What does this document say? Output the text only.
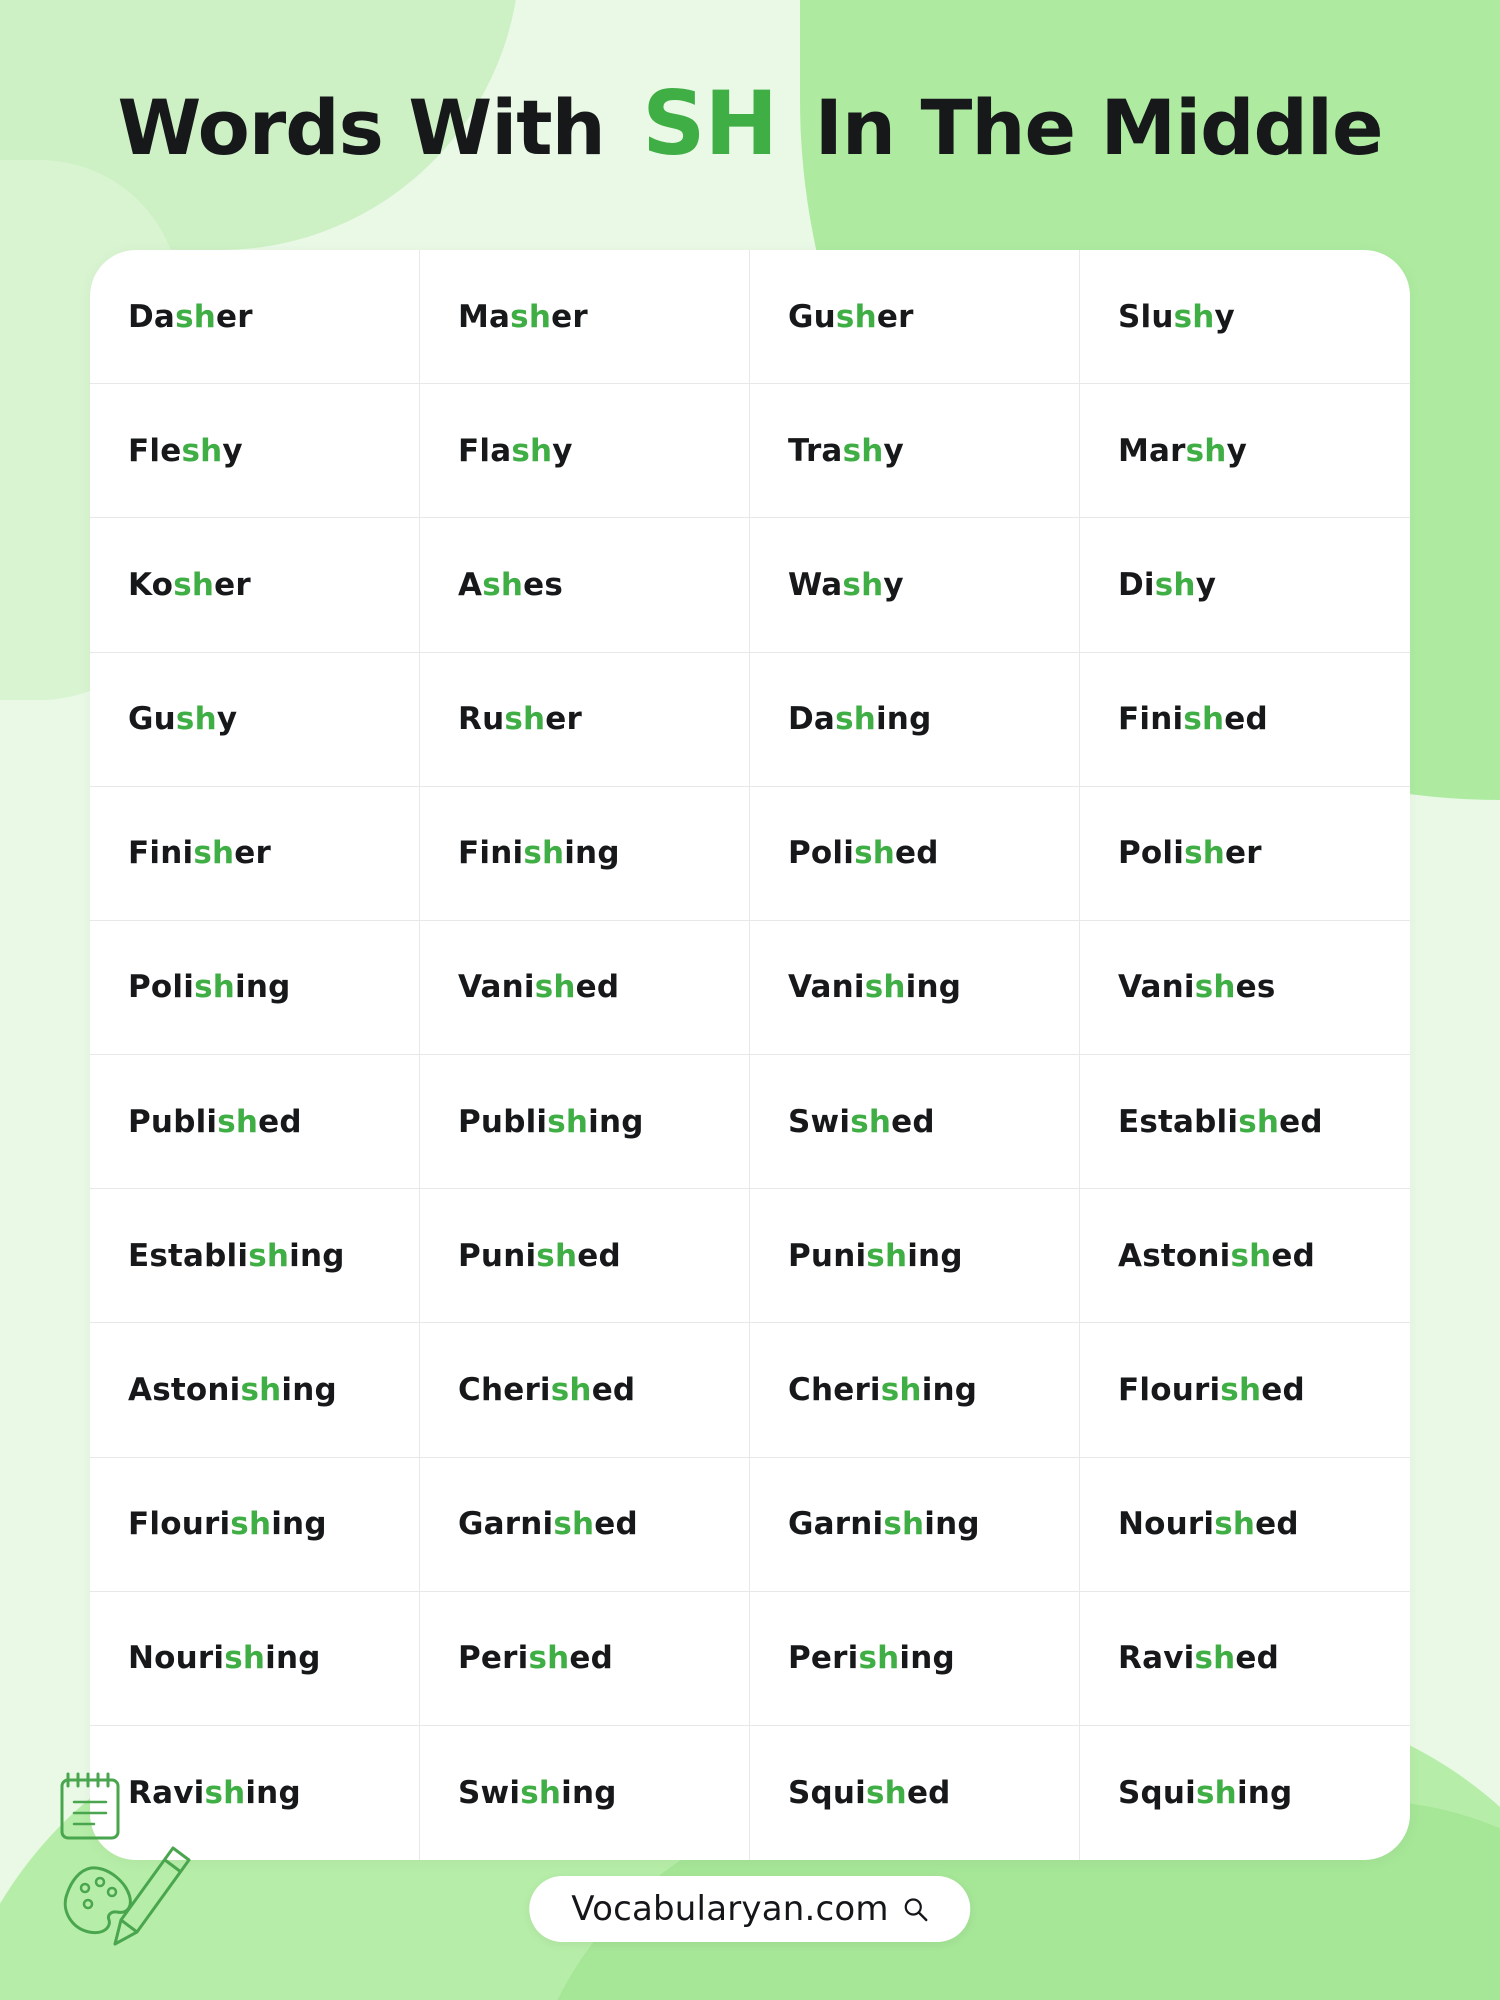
Words With SH In The Middle
Da sh er	Ma sh er	Gu sh er	Slu sh y
Fle sh y	Fla sh y	Tra sh y	Mar sh y
Ko sh er	A sh es	Wa sh y	Di sh y
Gu sh y	Ru sh er	Da sh ing	Fini sh ed
Fini sh er	Fini sh ing	Poli sh ed	Poli sh er
Poli sh ing	Vani sh ed	Vani sh ing	Vani sh es
Publi sh ed	Publi sh ing	Swi sh ed	Establi sh ed
Establi sh ing	Puni sh ed	Puni sh ing	Astoni sh ed
Astoni sh ing	Cheri sh ed	Cheri sh ing	Flouri sh ed
Flouri sh ing	Garni sh ed	Garni sh ing	Nouri sh ed
Nouri sh ing	Peri sh ed	Peri sh ing	Ravi sh ed
Ravi sh ing	Swi sh ing	Squi sh ed	Squi sh ing
Vocabularyan.com
